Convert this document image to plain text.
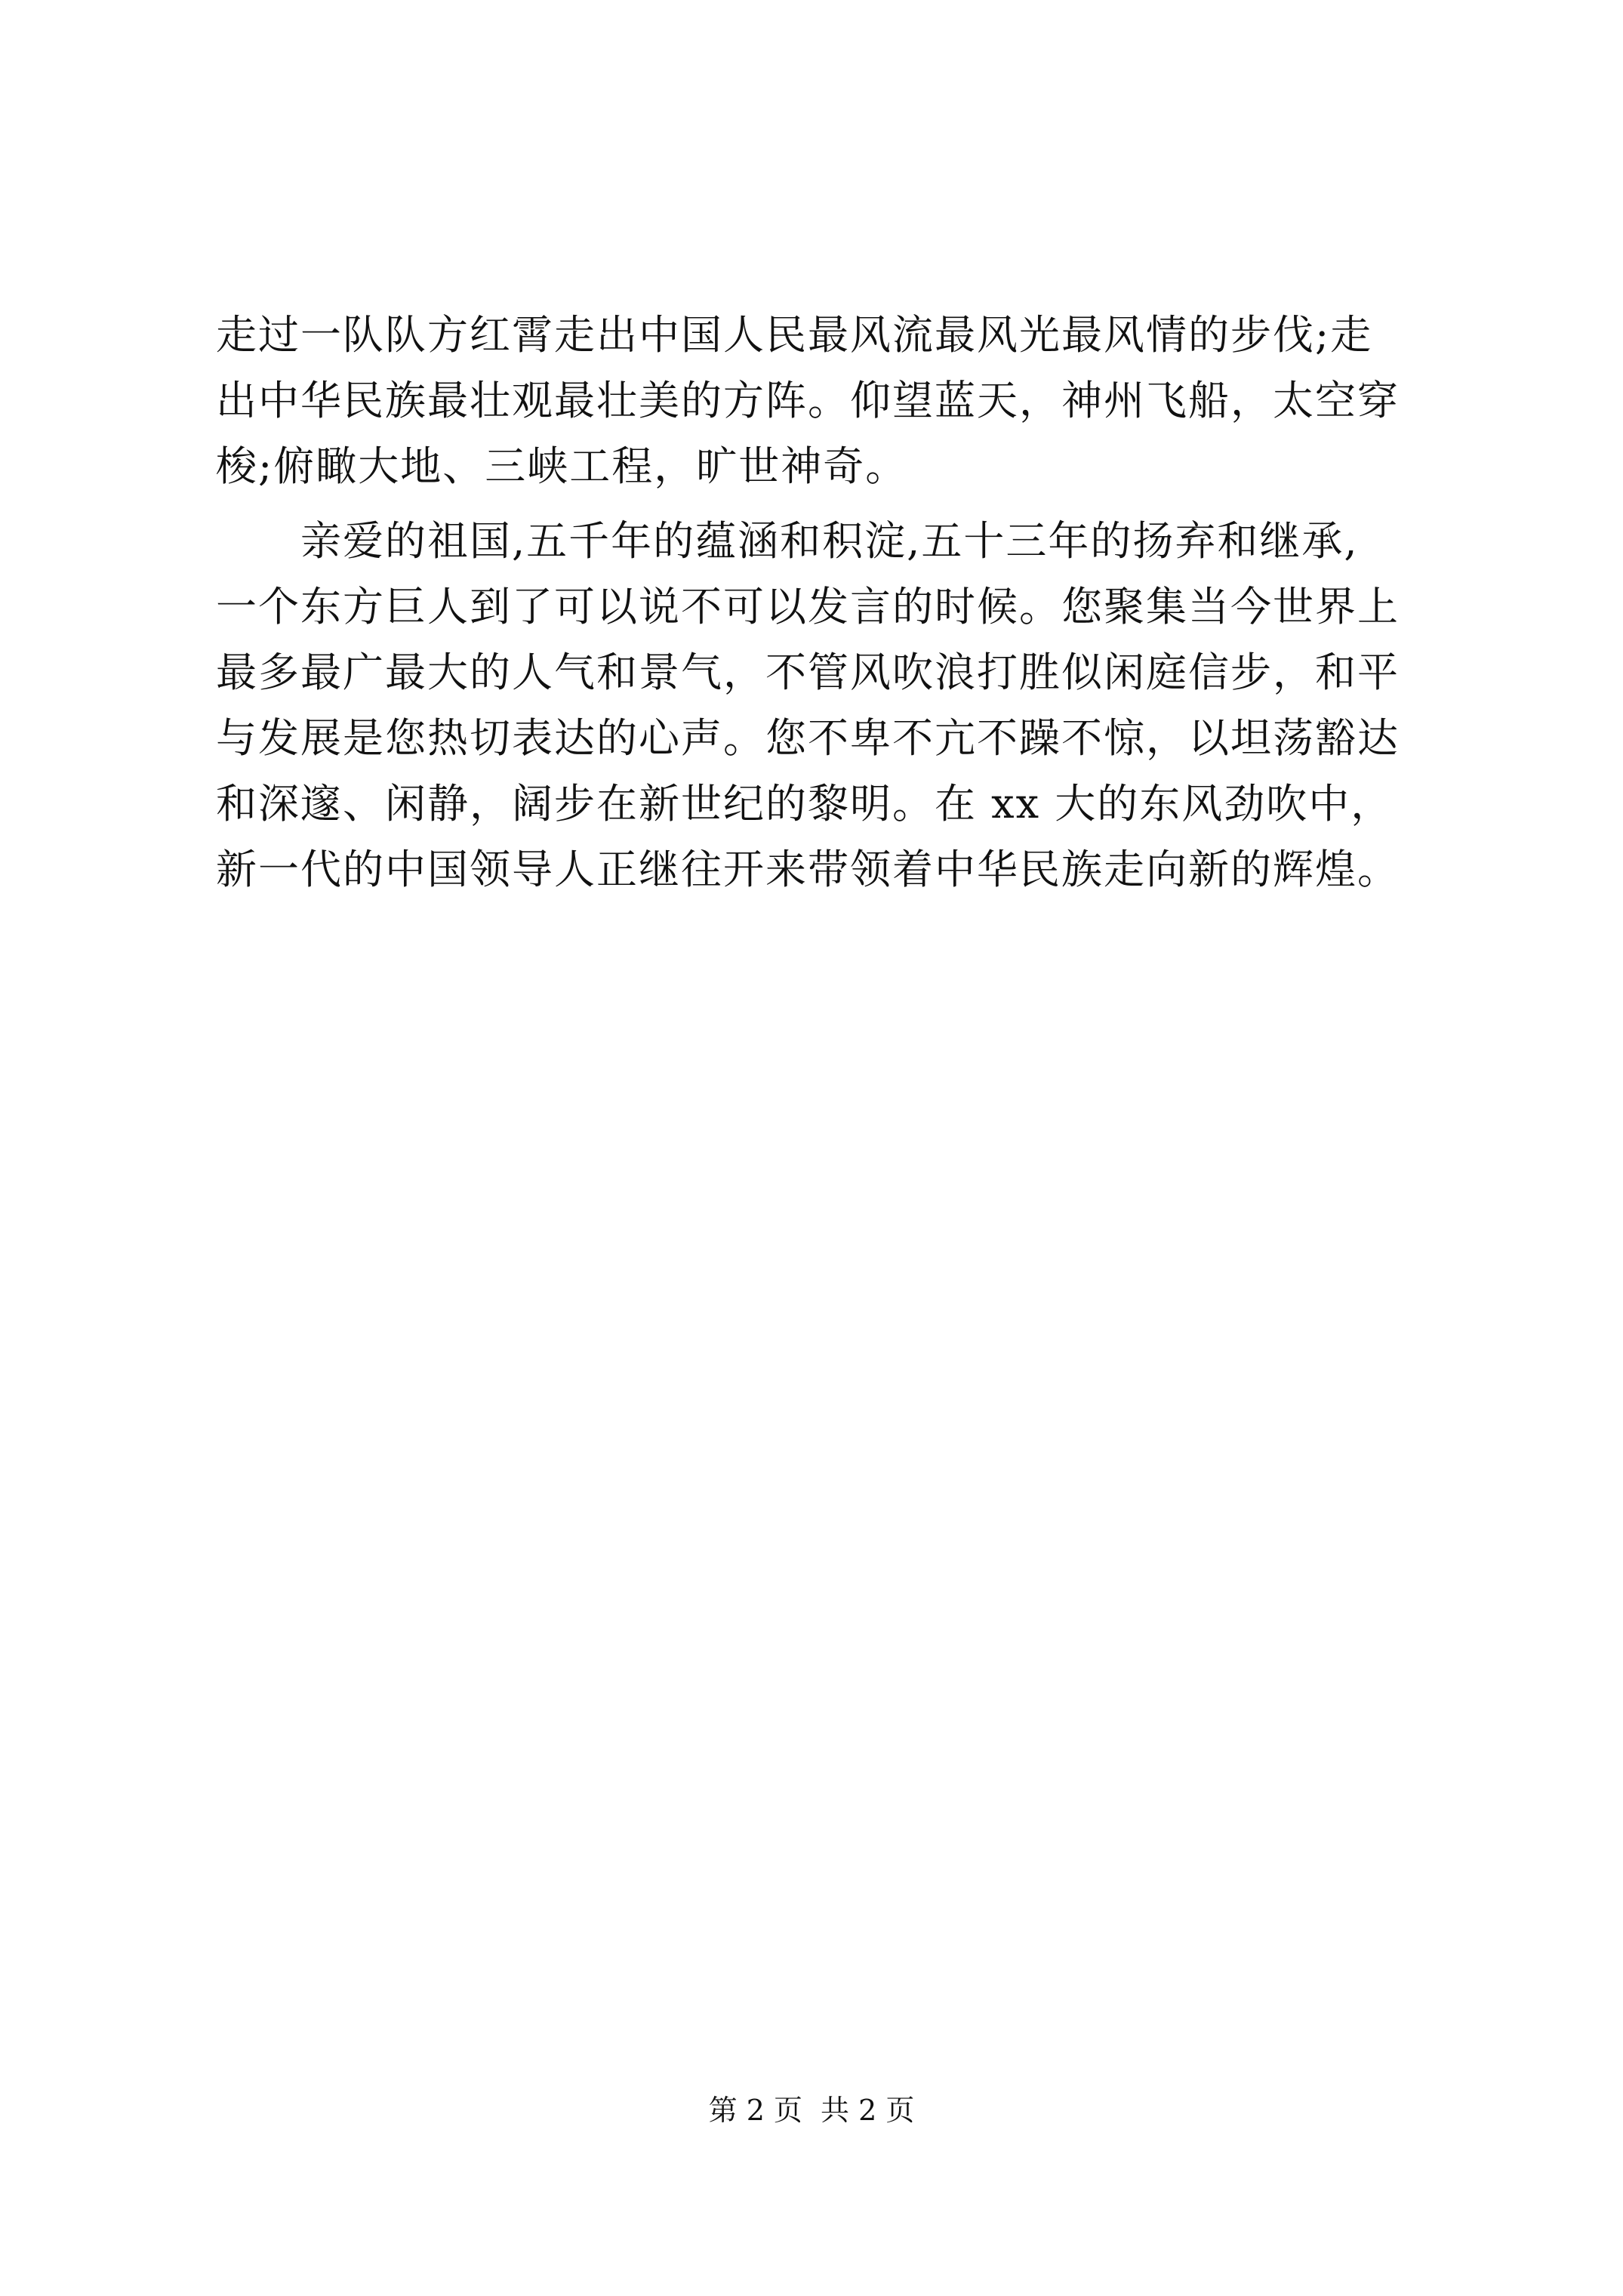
走过一队队方红霄走出中国人民最风流最风光最风情的步伐;走
出中华民族最壮观最壮美的方阵。仰望蓝天，神州飞船，太空穿
梭;俯瞰大地、三峡工程，旷世神奇。
　　亲爱的祖国,五千年的蕴涵和积淀,五十三年的扬弃和继承,
一个东方巨人到了可以说不可以发言的时候。您聚集当今世界上
最多最广最大的人气和景气，不管风吹浪打胜似闲庭信步，和平
与发展是您热切表达的心声。您不卑不亢不躁不惊，以坦荡豁达
和深邃、闲静，阔步在新世纪的黎明。在 xx 大的东风劲吹中，
新一代的中国领导人正继往开来带领着中华民族走向新的辉煌。
第 2 页 共 2 页
